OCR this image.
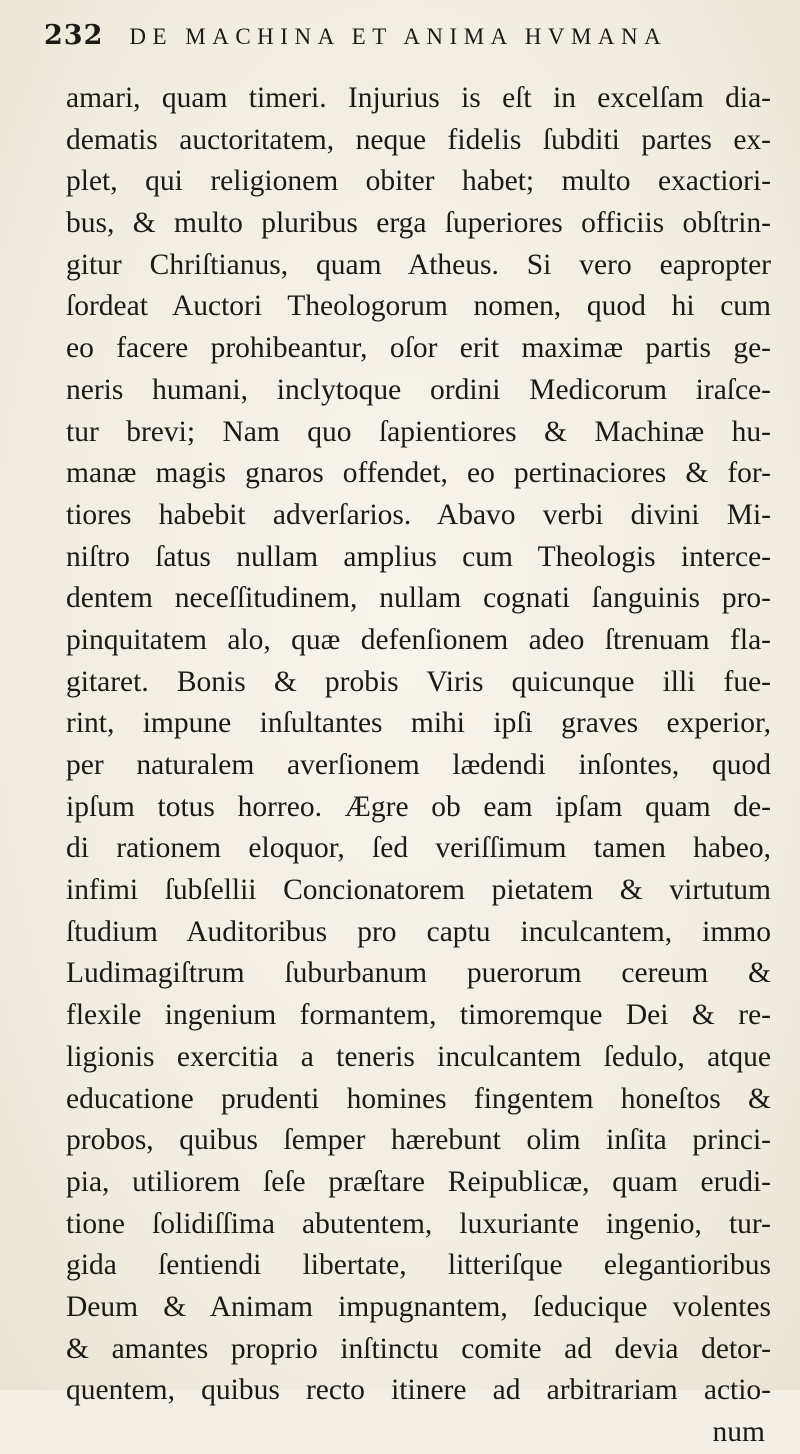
232 DE MACHINA ET ANIMA HVMANA
amari, quam timeri. Injurius is eſt in excelſam dia-
dematis auctoritatem, neque fidelis ſubditi partes ex-
plet, qui religionem obiter habet; multo exactiori-
bus, & multo pluribus erga ſuperiores officiis obſtrin-
gitur Chriſtianus, quam Atheus. Si vero eapropter
ſordeat Auctori Theologorum nomen, quod hi cum
eo facere prohibeantur, oſor erit maximæ partis ge-
neris humani, inclytoque ordini Medicorum iraſce-
tur brevi; Nam quo ſapientiores & Machinæ hu-
manæ magis gnaros offendet, eo pertinaciores & for-
tiores habebit adverſarios. Abavo verbi divini Mi-
niſtro ſatus nullam amplius cum Theologis interce-
dentem neceſſitudinem, nullam cognati ſanguinis pro-
pinquitatem alo, quæ defenſionem adeo ſtrenuam fla-
gitaret. Bonis & probis Viris quicunque illi fue-
rint, impune inſultantes mihi ipſi graves experior,
per naturalem averſionem lædendi inſontes, quod
ipſum totus horreo. Ægre ob eam ipſam quam de-
di rationem eloquor, ſed veriſſimum tamen habeo,
infimi ſubſellii Concionatorem pietatem & virtutum
ſtudium Auditoribus pro captu inculcantem, immo
Ludimagiſtrum ſuburbanum puerorum cereum &
flexile ingenium formantem, timoremque Dei & re-
ligionis exercitia a teneris inculcantem ſedulo, atque
educatione prudenti homines fingentem honeſtos &
probos, quibus ſemper hærebunt olim inſita princi-
pia, utiliorem ſeſe præſtare Reipublicæ, quam erudi-
tione ſolidiſſima abutentem, luxuriante ingenio, tur-
gida ſentiendi libertate, litteriſque elegantioribus
Deum & Animam impugnantem, ſeducique volentes
& amantes proprio inſtinctu comite ad devia detor-
quentem, quibus recto itinere ad arbitrariam actio-
num
